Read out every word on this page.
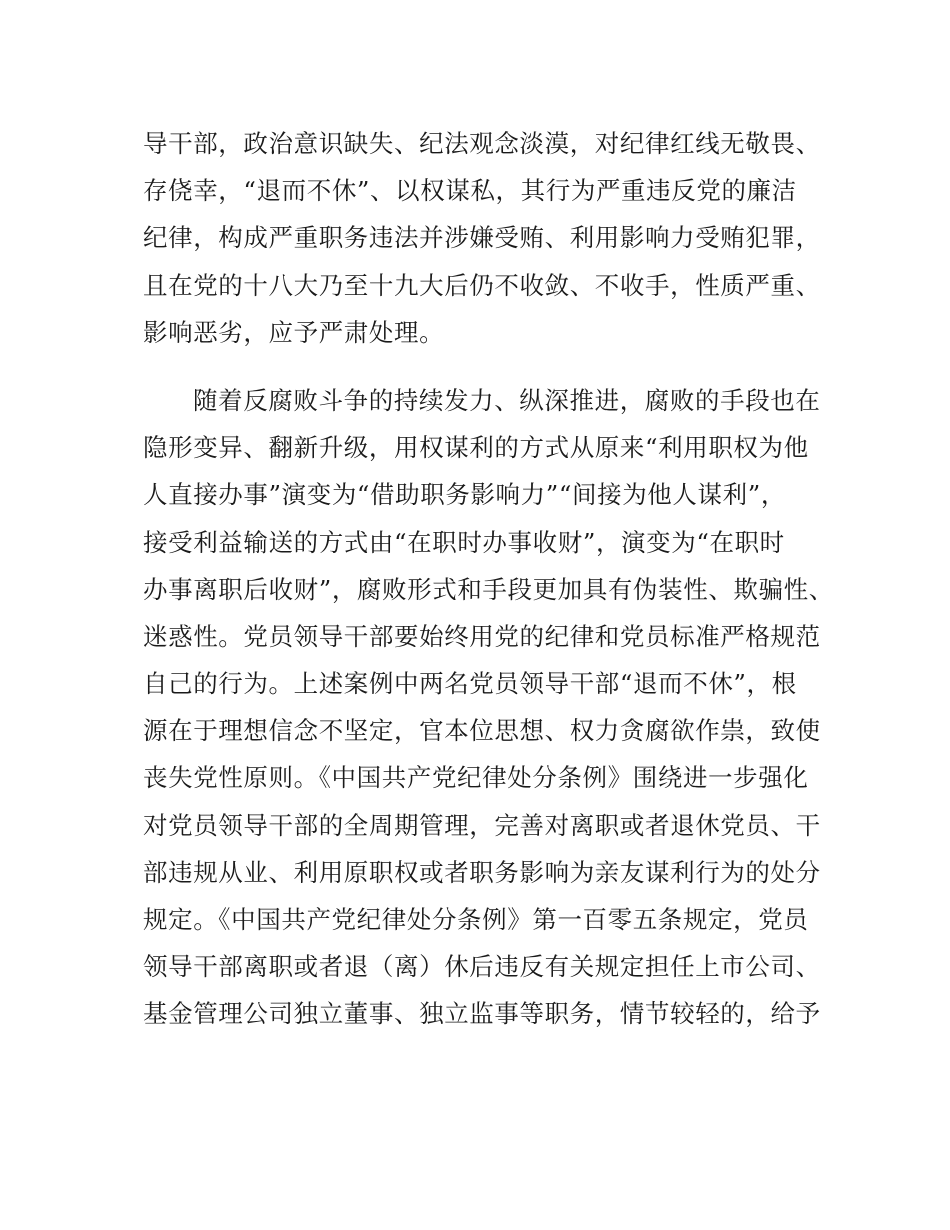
导干部，政治意识缺失、纪法观念淡漠，对纪律红线无敬畏、
存侥幸，“退而不休”、以权谋私，其行为严重违反党的廉洁
纪律，构成严重职务违法并涉嫌受贿、利用影响力受贿犯罪，
且在党的十八大乃至十九大后仍不收敛、不收手，性质严重、
影响恶劣，应予严肃处理。
随着反腐败斗争的持续发力、纵深推进，腐败的手段也在
隐形变异、翻新升级，用权谋利的方式从原来“利用职权为他
人直接办事”演变为“借助职务影响力”“间接为他人谋利”，
接受利益输送的方式由“在职时办事收财”，演变为“在职时
办事离职后收财”，腐败形式和手段更加具有伪装性、欺骗性、
迷惑性。党员领导干部要始终用党的纪律和党员标准严格规范
自己的行为。上述案例中两名党员领导干部“退而不休”，根
源在于理想信念不坚定，官本位思想、权力贪腐欲作祟，致使
丧失党性原则。《中国共产党纪律处分条例》围绕进一步强化
对党员领导干部的全周期管理，完善对离职或者退休党员、干
部违规从业、利用原职权或者职务影响为亲友谋利行为的处分
规定。《中国共产党纪律处分条例》第一百零五条规定，党员
领导干部离职或者退（离）休后违反有关规定担任上市公司、
基金管理公司独立董事、独立监事等职务，情节较轻的，给予
